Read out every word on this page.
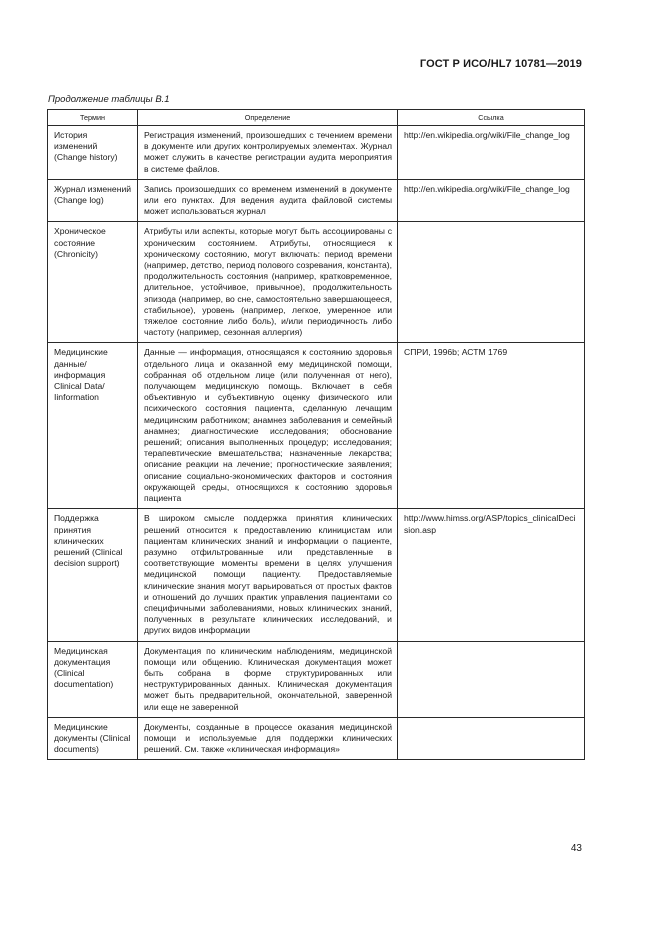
ГОСТ Р ИСО/HL7 10781—2019
Продолжение таблицы В.1
Термин	Определение	Ссылка
История изменений (Change history)	Регистрация изменений, произошедших с течением времени в документе или других контролируемых элементах. Журнал может служить в качестве регистрации аудита мероприятия в системе файлов.	http://en.wikipedia.org/wiki/File_change_log
Журнал изменений (Change log)	Запись произошедших со временем изменений в документе или его пунктах. Для ведения аудита файловой системы может использоваться журнал	http://en.wikipedia.org/wiki/File_change_log
Хроническое состояние (Chronicity)	Атрибуты или аспекты, которые могут быть ассоциированы с хроническим состоянием. Атрибуты, относящиеся к хроническому состоянию, могут включать: период времени (например, детство, период полового созревания, константа), продолжительность состояния (например, кратковременное, длительное, устойчивое, привычное), продолжительность эпизода (например, во сне, самостоятельно завершающееся, стабильное), уровень (например, легкое, умеренное или тяжелое состояние либо боль), и/или периодичность либо частоту (например, сезонная аллергия)	
Медицинские данные/информация Clinical Data/ Iinformation	Данные — информация, относящаяся к состоянию здоровья отдельного лица и оказанной ему медицинской помощи, собранная об отдельном лице (или полученная от него), получающем медицинскую помощь. Включает в себя объективную и субъективную оценку физического или психического состояния пациента, сделанную лечащим медицинским работником; анамнез заболевания и семейный анамнез; диагностические исследования; обоснование решений; описания выполненных процедур; исследования; терапевтические вмешательства; назначенные лекарства; описание реакции на лечение; прогностические заявления; описание социально-экономических факторов и состояния окружающей среды, относящихся к состоянию здоровья пациента	СПРИ, 1996b; АСТМ 1769
Поддержка принятия клинических решений (Clinical decision support)	В широком смысле поддержка принятия клинических решений относится к предоставлению клиницистам или пациентам клинических знаний и информации о пациенте, разумно отфильтрованные или представленные в соответствующие моменты времени в целях улучшения медицинской помощи пациенту. Предоставляемые клинические знания могут варьироваться от простых фактов и отношений до лучших практик управления пациентами со специфичными заболеваниями, новых клинических знаний, полученных в результате клинических исследований, и других видов информации	http://www.himss.org/ASP/topics_clinicalDecision.asp
Медицинская документация (Clinical documentation)	Документация по клиническим наблюдениям, медицинской помощи или общению. Клиническая документация может быть собрана в форме структурированных или неструктурированных данных. Клиническая документация может быть предварительной, окончательной, заверенной или еще не заверенной	
Медицинские документы (Clinical documents)	Документы, созданные в процессе оказания медицинской помощи и используемые для поддержки клинических решений. См. также «клиническая информация»	
43
